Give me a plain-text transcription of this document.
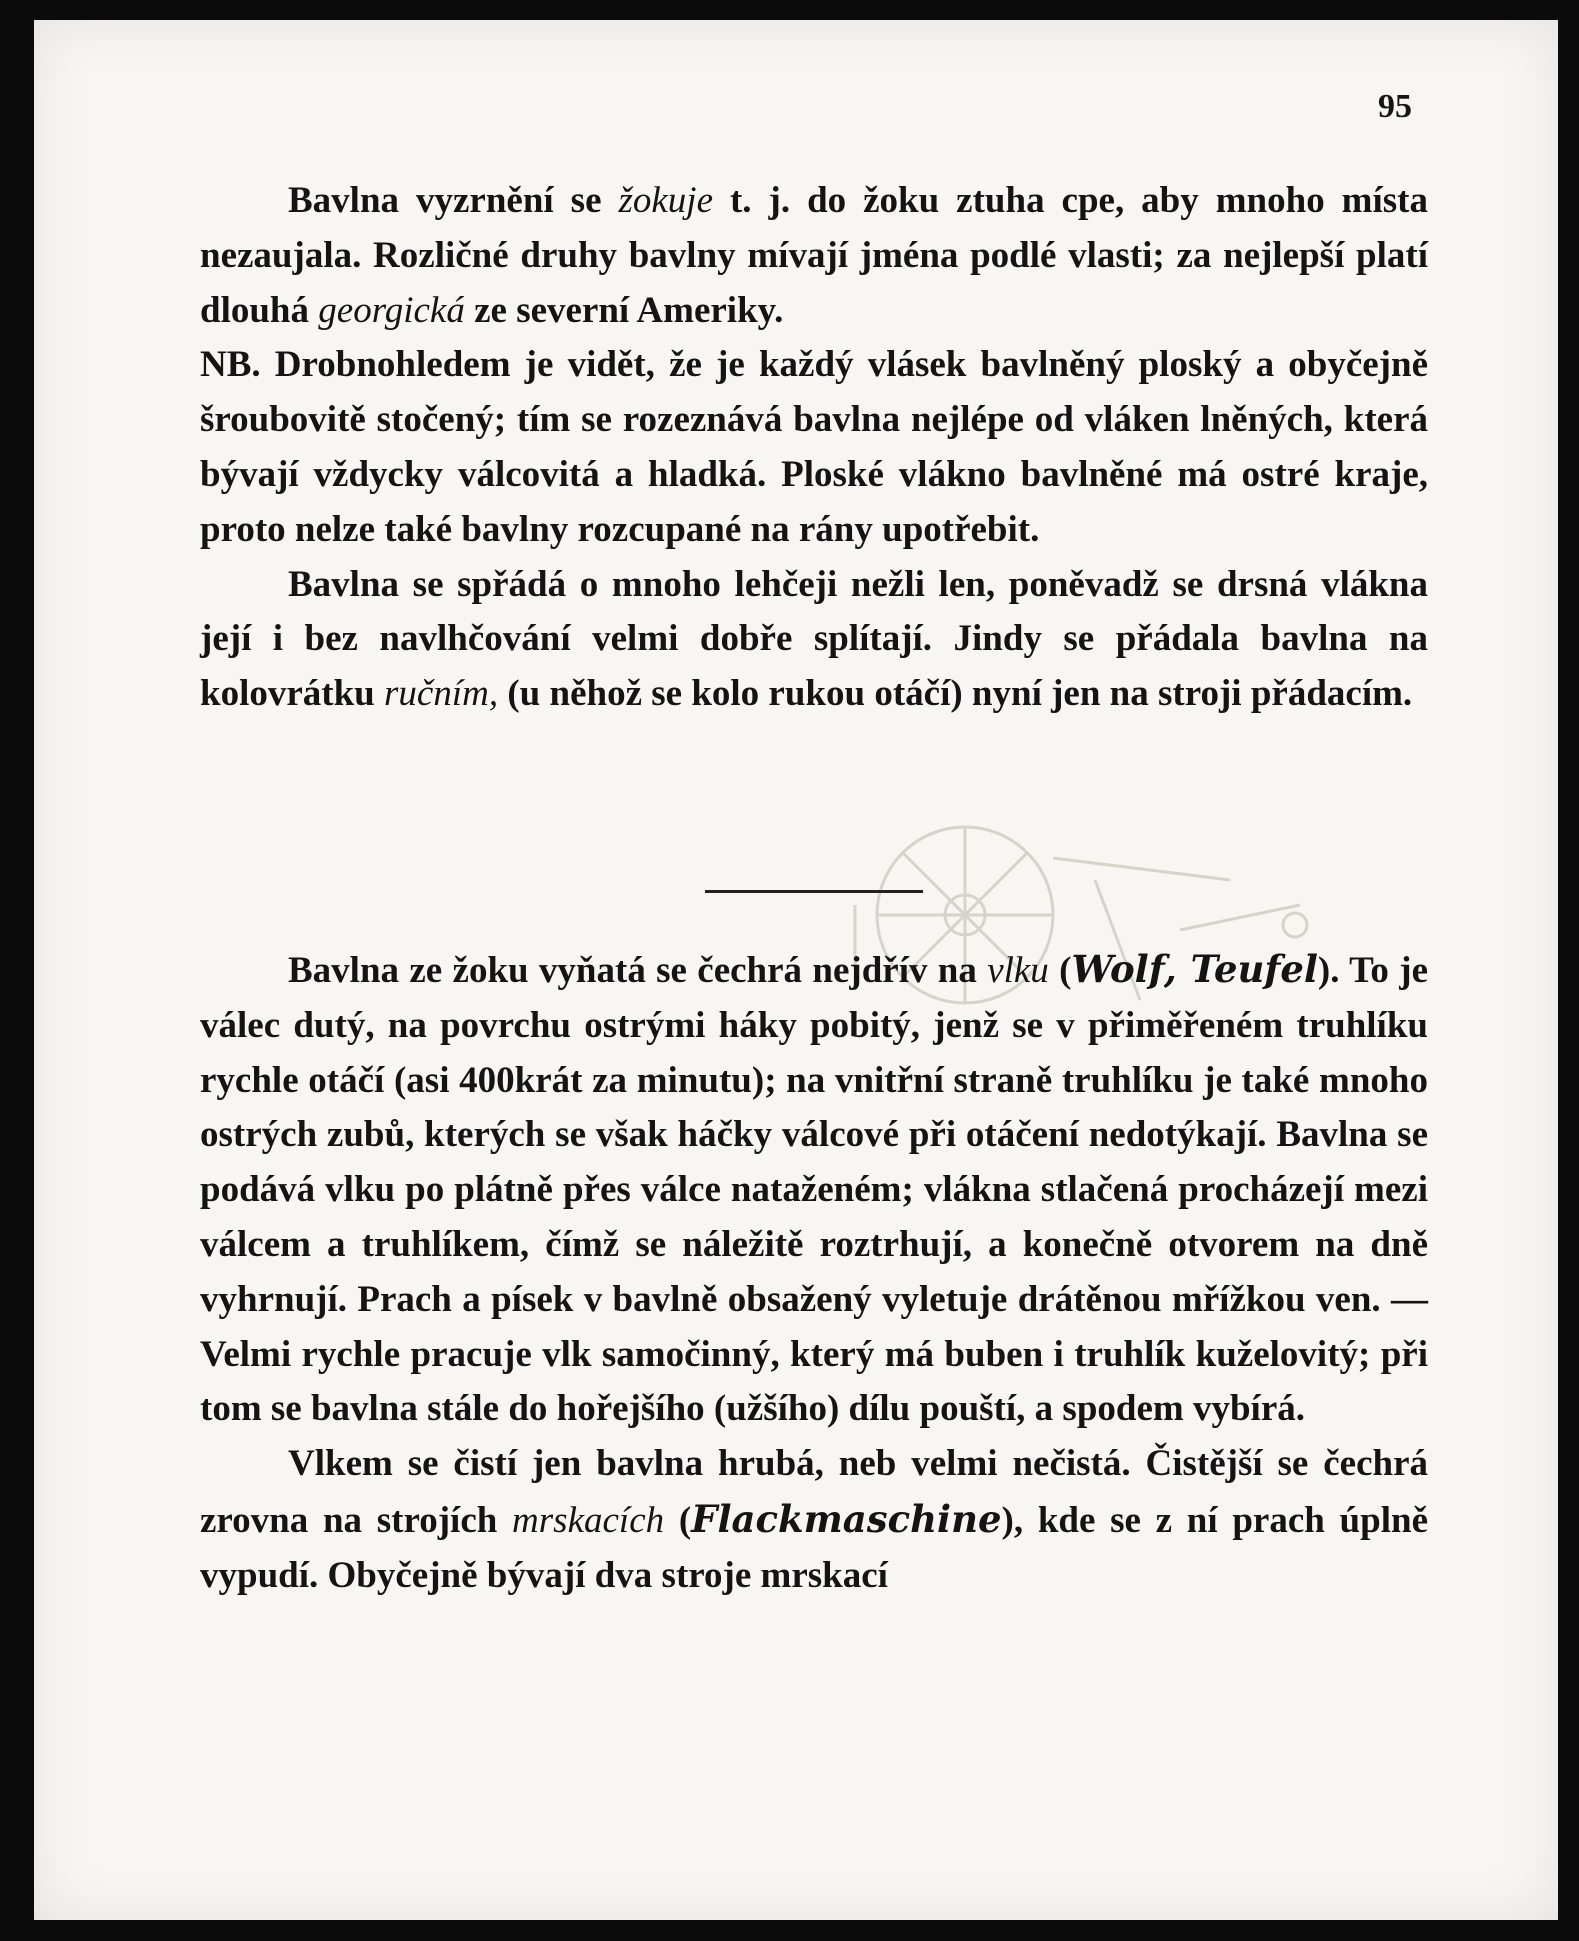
95

Bavlna vyzrnění se žokuje t. j. do žoku ztuha cpe, aby mnoho místa nezaujala. Rozličné druhy bavlny mívají jména podlé vlasti; za nejlepší platí dlouhá georgická ze severní Ameriky.

NB. Drobnohledem je vidět, že je každý vlásek bavlněný ploský a obyčejně šroubovitě stočený; tím se rozeznává bavlna nejlépe od vláken lněných, která bývají vždycky válcovitá a hladká. Ploské vlákno bavlněné má ostré kraje, proto nelze také bavlny rozcupané na rány upotřebit.

Bavlna se spřádá o mnoho lehčeji nežli len, poněvadž se drsná vlákna její i bez navlhčování velmi dobře splítají. Jindy se přádala bavlna na kolovrátku ručním, (u něhož se kolo rukou otáčí) nyní jen na stroji přádacím.

Bavlna ze žoku vyňatá se čechrá nejdřív na vlku (Wolf, Teufel). To je válec dutý, na povrchu ostrými háky pobitý, jenž se v přiměřeném truhlíku rychle otáčí (asi 400krát za minutu); na vnitřní straně truhlíku je také mnoho ostrých zubů, kterých se však háčky válcové při otáčení nedotýkají. Bavlna se podává vlku po plátně přes válce nataženém; vlákna stlačená procházejí mezi válcem a truhlíkem, čímž se náležitě roztrhují, a konečně otvorem na dně vyhrnují. Prach a písek v bavlně obsažený vyletuje drátěnou mřížkou ven. — Velmi rychle pracuje vlk samočinný, který má buben i truhlík kuželovitý; při tom se bavlna stále do hořejšího (užšího) dílu pouští, a spodem vybírá.

Vlkem se čistí jen bavlna hrubá, neb velmi nečistá. Čistější se čechrá zrovna na strojích mrskacích (Flackmaschine), kde se z ní prach úplně vypudí. Obyčejně bývají dva stroje mrskací
